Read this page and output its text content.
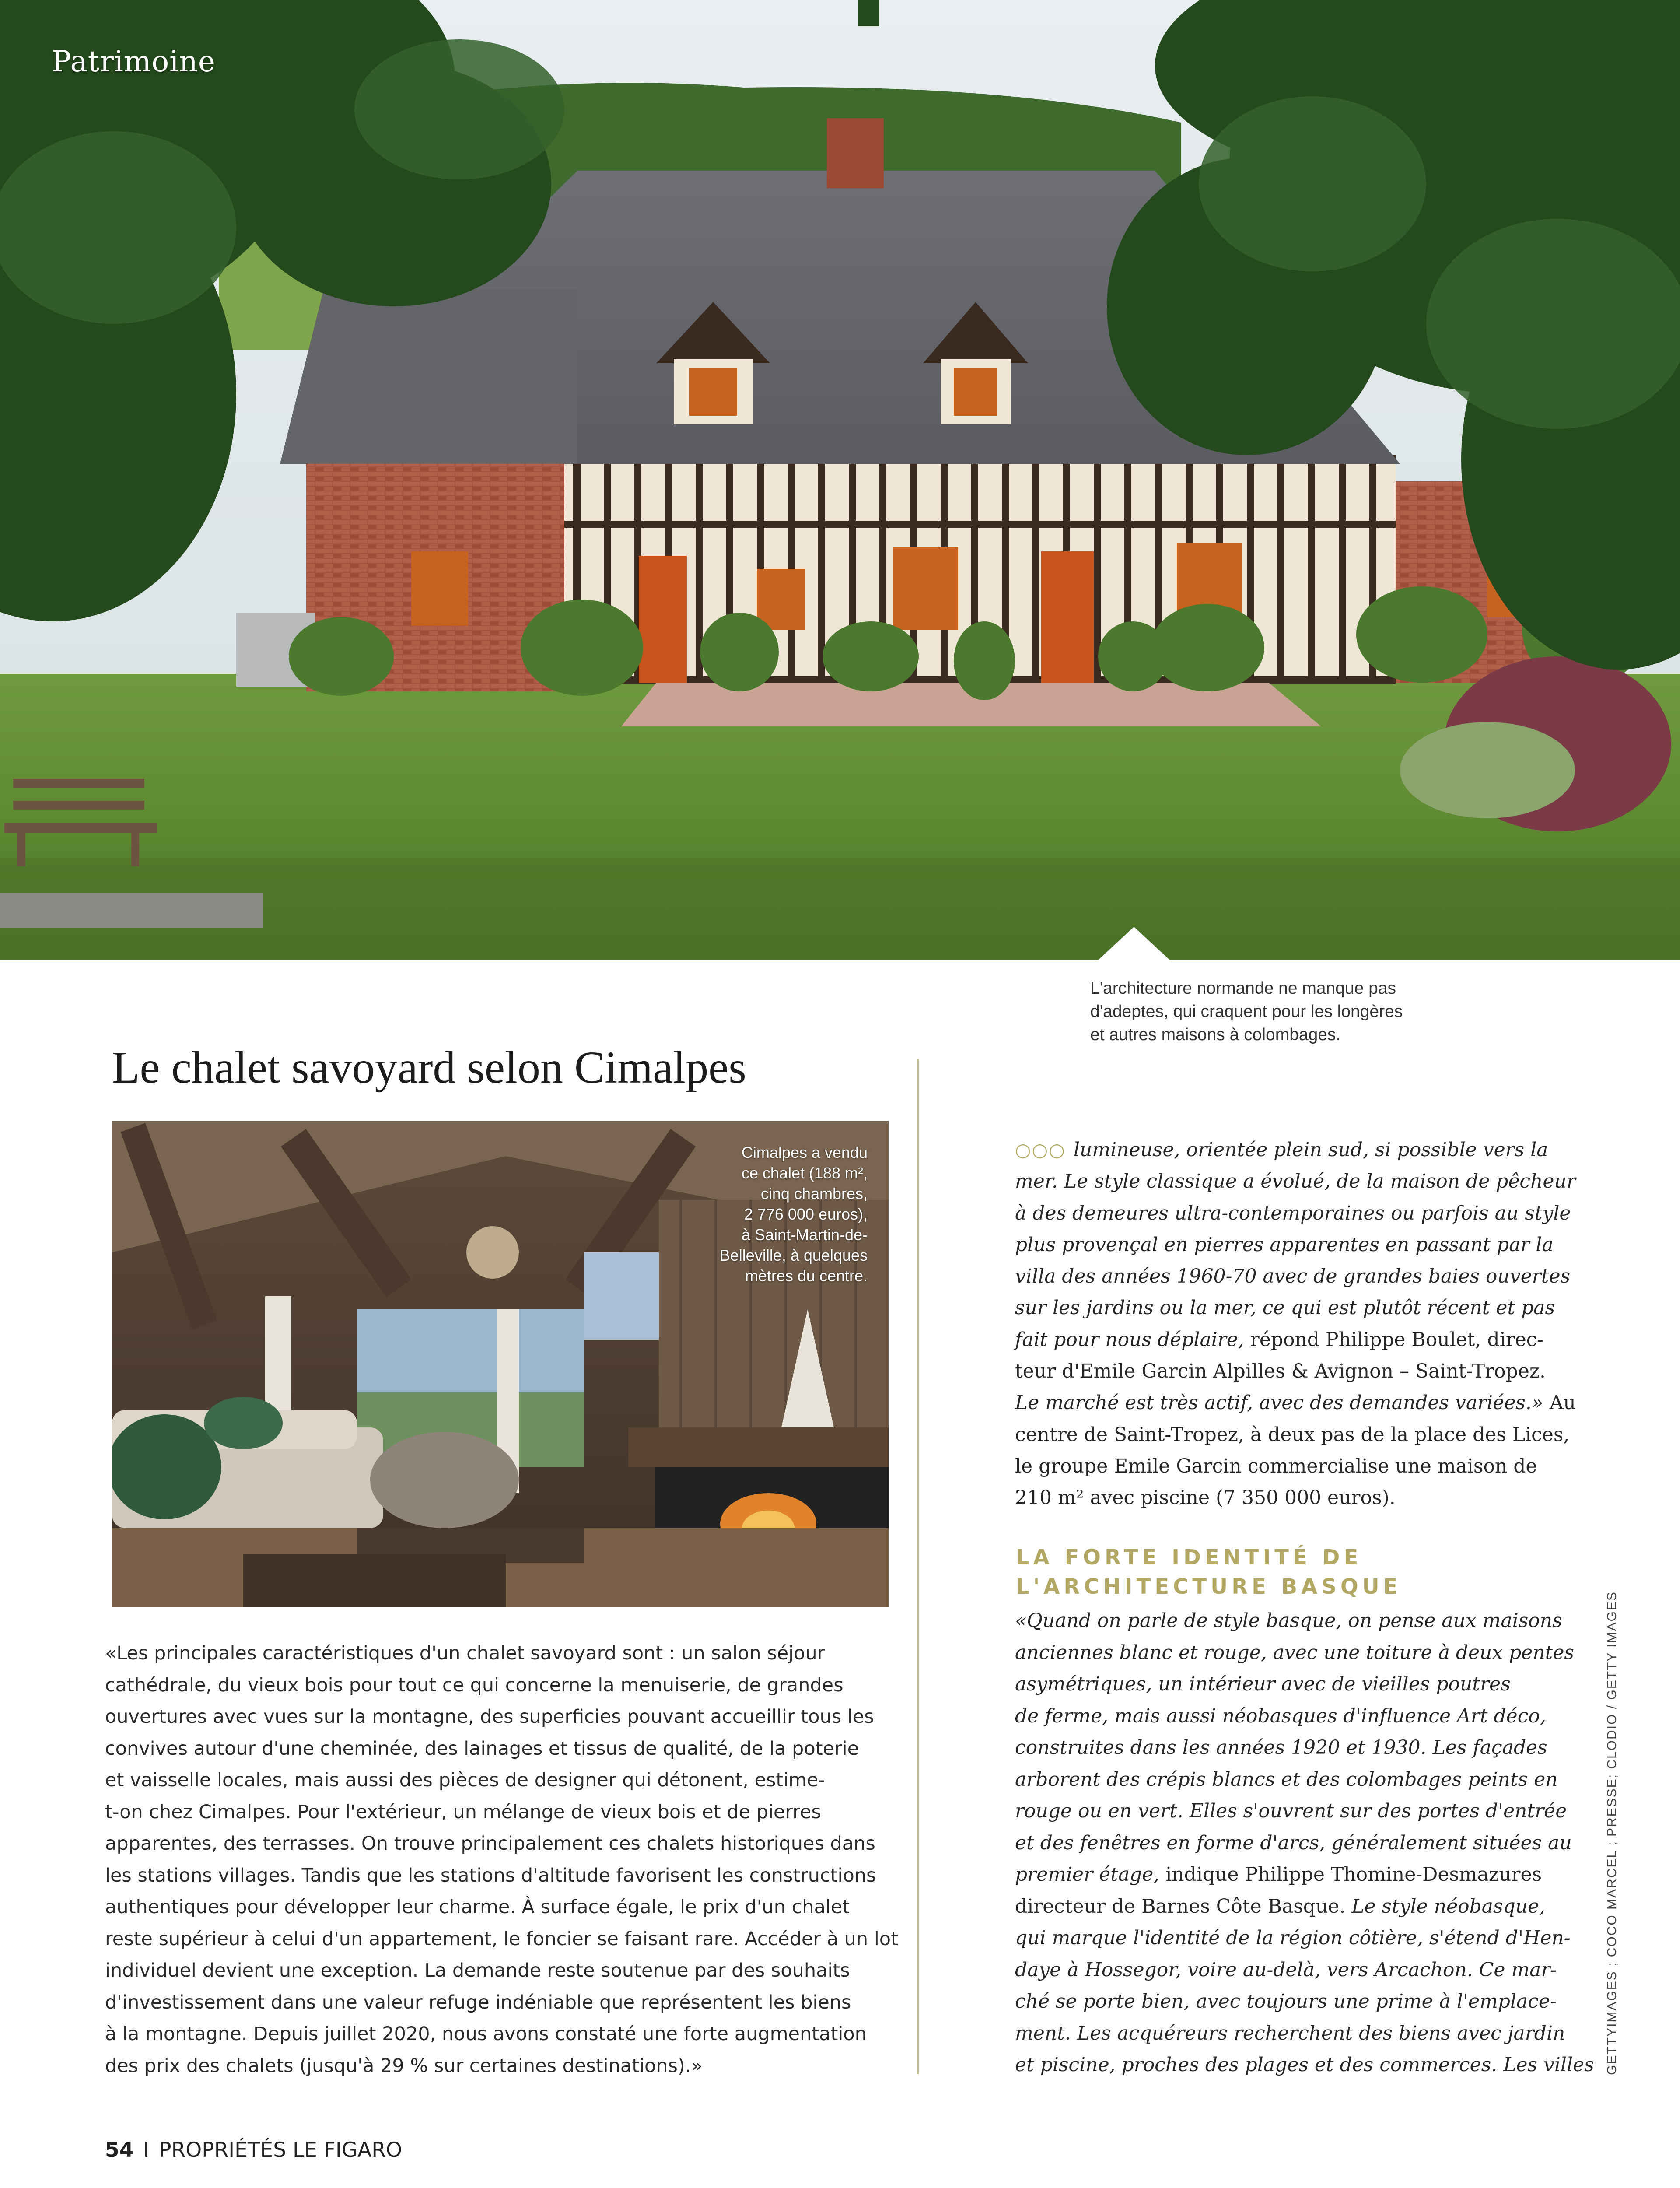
Patrimoine
L'architecture normande ne manque pas
d'adeptes, qui craquent pour les longères
et autres maisons à colombages.
Le chalet savoyard selon Cimalpes
Cimalpes a vendu
ce chalet (188 m²,
cinq chambres,
2 776 000 euros),
à Saint-Martin-de-
Belleville, à quelques
mètres du centre.
«Les principales caractéristiques d'un chalet savoyard sont : un salon séjour
cathédrale, du vieux bois pour tout ce qui concerne la menuiserie, de grandes
ouvertures avec vues sur la montagne, des superficies pouvant accueillir tous les
convives autour d'une cheminée, des lainages et tissus de qualité, de la poterie
et vaisselle locales, mais aussi des pièces de designer qui détonent, estime-
t-on chez Cimalpes. Pour l'extérieur, un mélange de vieux bois et de pierres
apparentes, des terrasses. On trouve principalement ces chalets historiques dans
les stations villages. Tandis que les stations d'altitude favorisent les constructions
authentiques pour développer leur charme. À surface égale, le prix d'un chalet
reste supérieur à celui d'un appartement, le foncier se faisant rare. Accéder à un lot
individuel devient une exception. La demande reste soutenue par des souhaits
d'investissement dans une valeur refuge indéniable que représentent les biens
à la montagne. Depuis juillet 2020, nous avons constaté une forte augmentation
des prix des chalets (jusqu'à 29 % sur certaines destinations).»
○○○ lumineuse, orientée plein sud, si possible vers la
mer. Le style classique a évolué, de la maison de pêcheur
à des demeures ultra-contemporaines ou parfois au style
plus provençal en pierres apparentes en passant par la
villa des années 1960-70 avec de grandes baies ouvertes
sur les jardins ou la mer, ce qui est plutôt récent et pas
fait pour nous déplaire, répond Philippe Boulet, direc-
teur d'Emile Garcin Alpilles & Avignon – Saint-Tropez.
Le marché est très actif, avec des demandes variées.» Au
centre de Saint-Tropez, à deux pas de la place des Lices,
le groupe Emile Garcin commercialise une maison de
210 m² avec piscine (7 350 000 euros).
LA FORTE IDENTITÉ DE
L'ARCHITECTURE BASQUE
«Quand on parle de style basque, on pense aux maisons
anciennes blanc et rouge, avec une toiture à deux pentes
asymétriques, un intérieur avec de vieilles poutres
de ferme, mais aussi néobasques d'influence Art déco,
construites dans les années 1920 et 1930. Les façades
arborent des crépis blancs et des colombages peints en
rouge ou en vert. Elles s'ouvrent sur des portes d'entrée
et des fenêtres en forme d'arcs, généralement situées au
premier étage, indique Philippe Thomine-Desmazures
directeur de Barnes Côte Basque. Le style néobasque,
qui marque l'identité de la région côtière, s'étend d'Hen-
daye à Hossegor, voire au-delà, vers Arcachon. Ce mar-
ché se porte bien, avec toujours une prime à l'emplace-
ment. Les acquéreurs recherchent des biens avec jardin
et piscine, proches des plages et des commerces. Les villes GETTYIMAGES ; COCO MARCEL ; PRESSE; CLODIO / GETTY IMAGES
54 I PROPRIÉTÉS LE FIGARO
